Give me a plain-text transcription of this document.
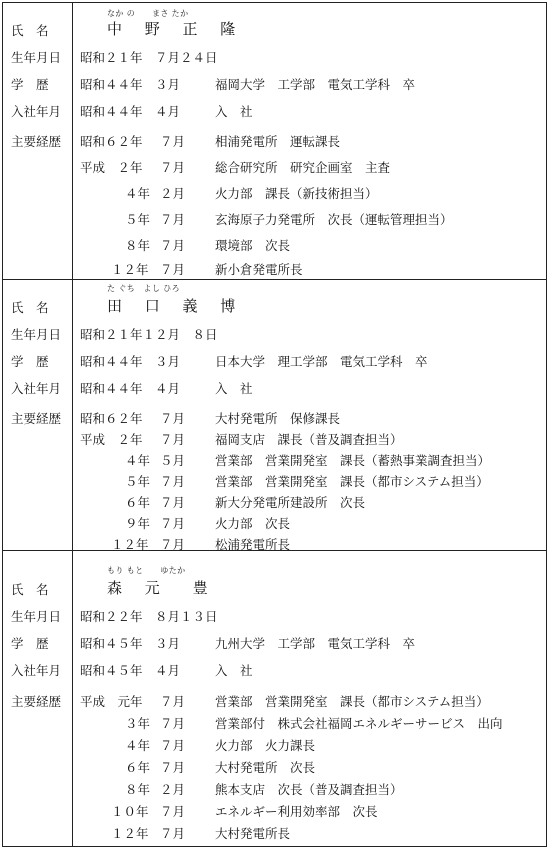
なか の　　まさ たか
氏　名	中 野 正 隆
生年月日	昭和２１年　７月２４日
学　歴	昭和４４年　３月	福岡大学　工学部　電気工学科　卒
入社年月	昭和４４年　４月	入　社
主要経歴	昭和６２年 ７月 相浦発電所　運転課長
平成　２年 ７月 総合研究所　研究企画室　主査
４年 ２月 火力部　課長（新技術担当）
５年 ７月 玄海原子力発電所　次長（運転管理担当）
８年 ７月 環境部　次長
１２年 ７月 新小倉発電所長
た ぐち　よし ひろ
氏　名	田 口 義 博
生年月日	昭和２１年１２月　８日
学　歴	昭和４４年　３月	日本大学　理工学部　電気工学科　卒
入社年月	昭和４４年　４月	入　社
主要経歴	昭和６２年 ７月 大村発電所　保修課長
平成　２年 ７月 福岡支店　課長（普及調査担当）
４年 ５月 営業部　営業開発室　課長（蓄熱事業調査担当）
５年 ７月 営業部　営業開発室　課長（都市システム担当）
６年 ７月 新大分発電所建設所　次長
９年 ７月 火力部　次長
１２年 ７月 松浦発電所長
もり もと　　ゆたか
氏　名	森 元　豊
生年月日	昭和２２年　８月１３日
学　歴	昭和４５年　３月	九州大学　工学部　電気工学科　卒
入社年月	昭和４５年　４月	入　社
主要経歴	平成　元年 ７月 営業部　営業開発室　課長（都市システム担当）
３年 ７月 営業部付　株式会社福岡エネルギーサービス　出向
４年 ７月 火力部　火力課長
６年 ７月 大村発電所　次長
８年 ２月 熊本支店　次長（普及調査担当）
１０年 ７月 エネルギー利用効率部　次長
１２年 ７月 大村発電所長
